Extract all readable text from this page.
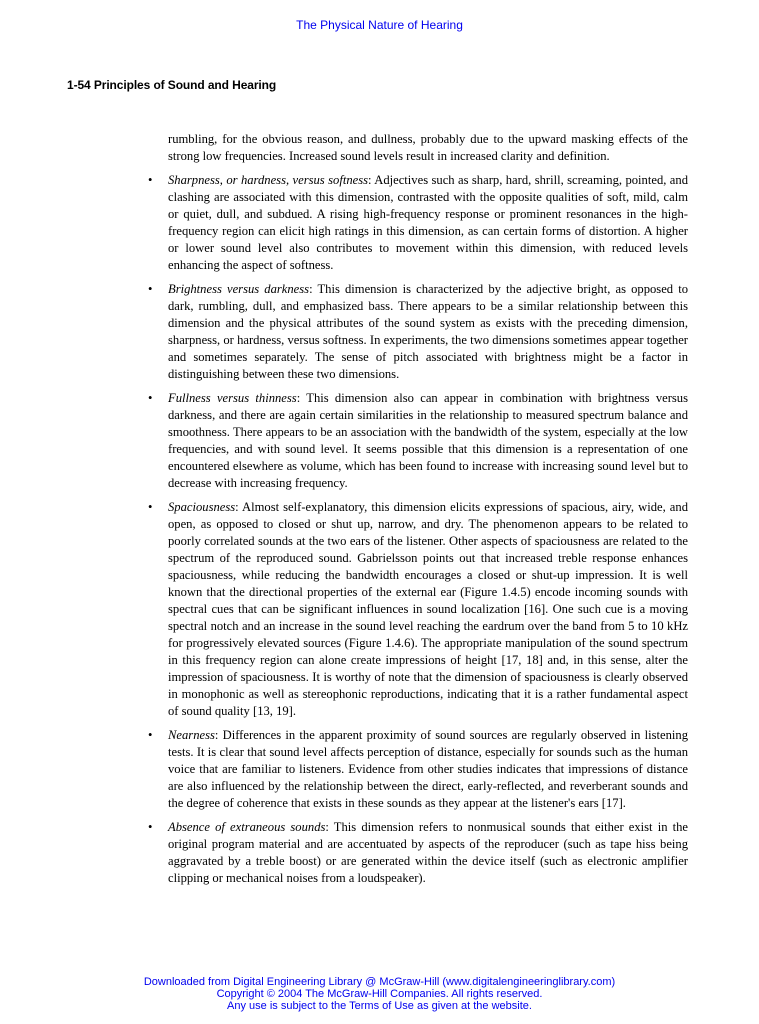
The Physical Nature of Hearing
1-54 Principles of Sound and Hearing

rumbling, for the obvious reason, and dullness, probably due to the upward masking effects of the strong low frequencies. Increased sound levels result in increased clarity and definition.

• Sharpness, or hardness, versus softness: Adjectives such as sharp, hard, shrill, screaming, pointed, and clashing are associated with this dimension, contrasted with the opposite qualities of soft, mild, calm or quiet, dull, and subdued. A rising high-frequency response or prominent resonances in the high-frequency region can elicit high ratings in this dimension, as can certain forms of distortion. A higher or lower sound level also contributes to movement within this dimension, with reduced levels enhancing the aspect of softness.
• Brightness versus darkness: This dimension is characterized by the adjective bright, as opposed to dark, rumbling, dull, and emphasized bass. There appears to be a similar relationship between this dimension and the physical attributes of the sound system as exists with the preceding dimension, sharpness, or hardness, versus softness. In experiments, the two dimensions sometimes appear together and sometimes separately. The sense of pitch associated with brightness might be a factor in distinguishing between these two dimensions.
• Fullness versus thinness: This dimension also can appear in combination with brightness versus darkness, and there are again certain similarities in the relationship to measured spectrum balance and smoothness. There appears to be an association with the bandwidth of the system, especially at the low frequencies, and with sound level. It seems possible that this dimension is a representation of one encountered elsewhere as volume, which has been found to increase with increasing sound level but to decrease with increasing frequency.
• Spaciousness: Almost self-explanatory, this dimension elicits expressions of spacious, airy, wide, and open, as opposed to closed or shut up, narrow, and dry. The phenomenon appears to be related to poorly correlated sounds at the two ears of the listener. Other aspects of spaciousness are related to the spectrum of the reproduced sound. Gabrielsson points out that increased treble response enhances spaciousness, while reducing the bandwidth encourages a closed or shut-up impression. It is well known that the directional properties of the external ear (Figure 1.4.5) encode incoming sounds with spectral cues that can be significant influences in sound localization [16]. One such cue is a moving spectral notch and an increase in the sound level reaching the eardrum over the band from 5 to 10 kHz for progressively elevated sources (Figure 1.4.6). The appropriate manipulation of the sound spectrum in this frequency region can alone create impressions of height [17, 18] and, in this sense, alter the impression of spaciousness. It is worthy of note that the dimension of spaciousness is clearly observed in monophonic as well as stereophonic reproductions, indicating that it is a rather fundamental aspect of sound quality [13, 19].
• Nearness: Differences in the apparent proximity of sound sources are regularly observed in listening tests. It is clear that sound level affects perception of distance, especially for sounds such as the human voice that are familiar to listeners. Evidence from other studies indicates that impressions of distance are also influenced by the relationship between the direct, early-reflected, and reverberant sounds and the degree of coherence that exists in these sounds as they appear at the listener's ears [17].
• Absence of extraneous sounds: This dimension refers to nonmusical sounds that either exist in the original program material and are accentuated by aspects of the reproducer (such as tape hiss being aggravated by a treble boost) or are generated within the device itself (such as electronic amplifier clipping or mechanical noises from a loudspeaker).
Downloaded from Digital Engineering Library @ McGraw-Hill (www.digitalengineeringlibrary.com)
Copyright © 2004 The McGraw-Hill Companies. All rights reserved.
Any use is subject to the Terms of Use as given at the website.
